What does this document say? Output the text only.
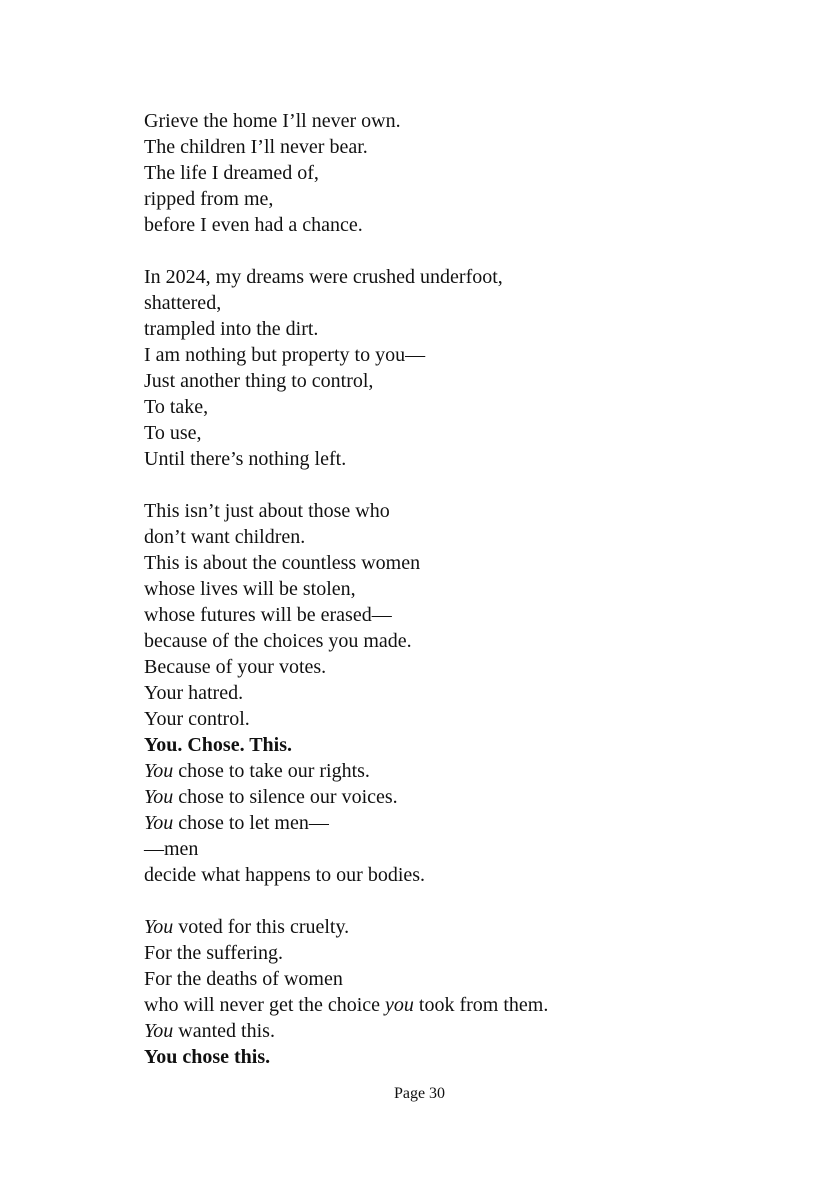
Grieve the home I’ll never own.
The children I’ll never bear.
The life I dreamed of,
ripped from me,
before I even had a chance.
In 2024, my dreams were crushed underfoot,
shattered,
trampled into the dirt.
I am nothing but property to you—
Just another thing to control,
To take,
To use,
Until there’s nothing left.
This isn’t just about those who
don’t want children.
This is about the countless women
whose lives will be stolen,
whose futures will be erased—
because of the choices you made.
Because of your votes.
Your hatred.
Your control.
You. Chose. This.
You chose to take our rights.
You chose to silence our voices.
You chose to let men—
—men
decide what happens to our bodies.
You voted for this cruelty.
For the suffering.
For the deaths of women
who will never get the choice you took from them.
You wanted this.
You chose this.
Page 30
